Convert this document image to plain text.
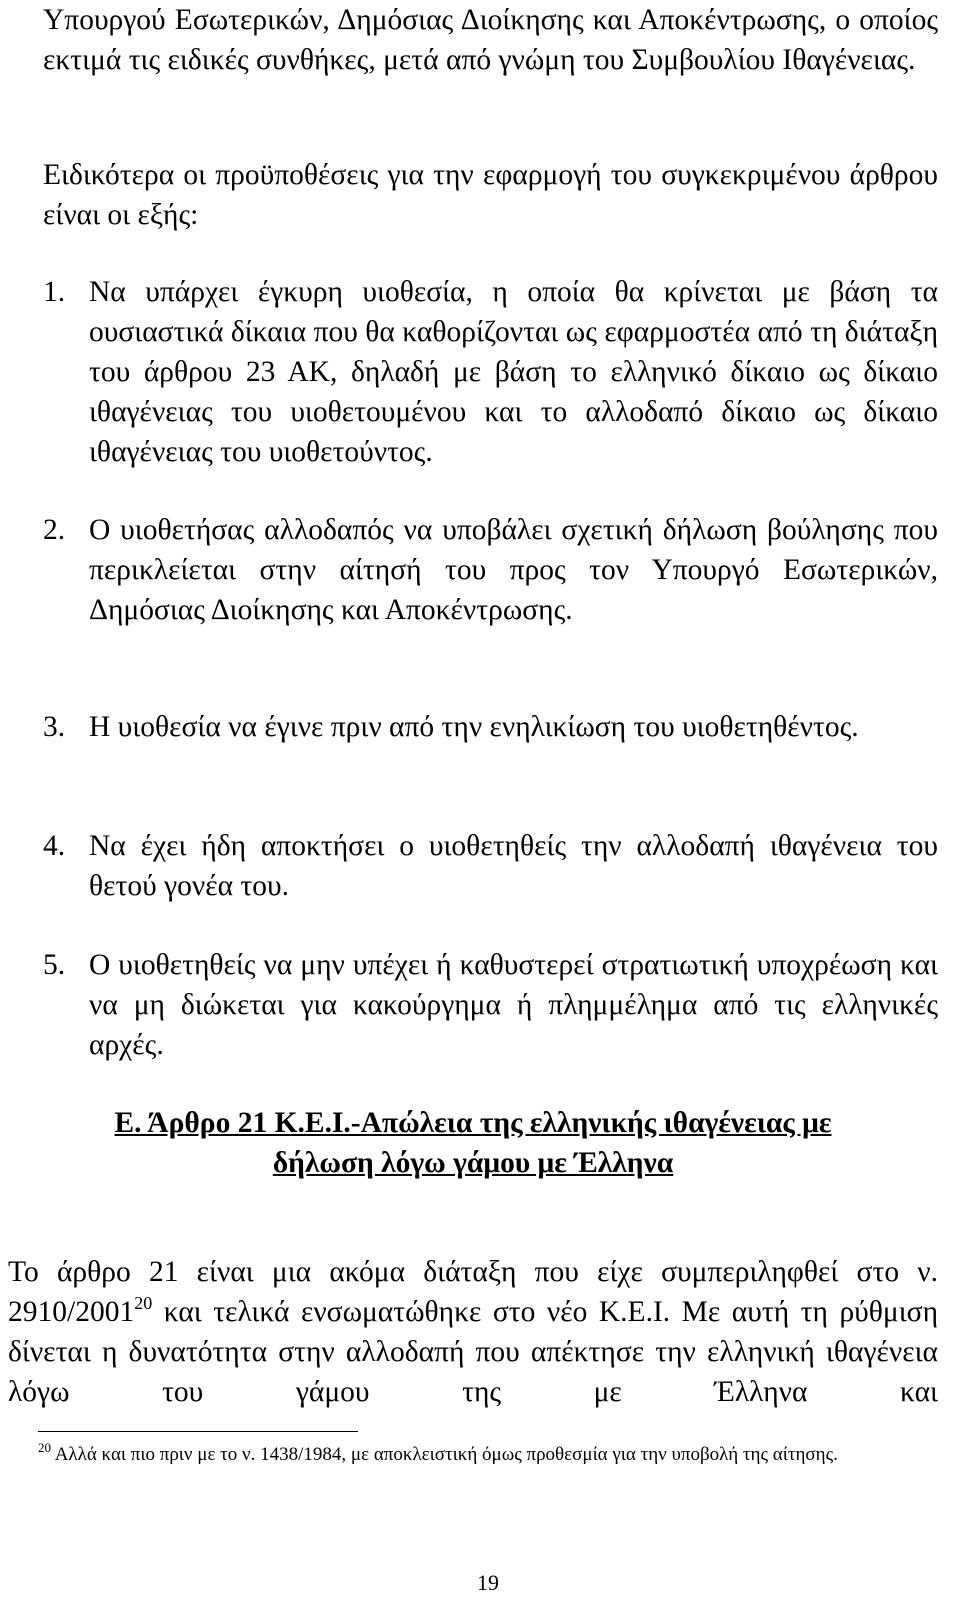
Υπουργού Εσωτερικών, Δημόσιας Διοίκησης και Αποκέντρωσης, ο οποίος εκτιμά τις ειδικές συνθήκες, μετά από γνώμη του Συμβουλίου Ιθαγένειας.

Ειδικότερα οι προϋποθέσεις για την εφαρμογή του συγκεκριμένου άρθρου είναι οι εξής:

1. Να υπάρχει έγκυρη υιοθεσία, η οποία θα κρίνεται με βάση τα ουσιαστικά δίκαια που θα καθορίζονται ως εφαρμοστέα από τη διάταξη του άρθρου 23 ΑΚ, δηλαδή με βάση το ελληνικό δίκαιο ως δίκαιο ιθαγένειας του υιοθετουμένου και το αλλοδαπό δίκαιο ως δίκαιο ιθαγένειας του υιοθετούντος.
2. Ο υιοθετήσας αλλοδαπός να υποβάλει σχετική δήλωση βούλησης που περικλείεται στην αίτησή του προς τον Υπουργό Εσωτερικών, Δημόσιας Διοίκησης και Αποκέντρωσης.
3. Η υιοθεσία να έγινε πριν από την ενηλικίωση του υιοθετηθέντος.
4. Να έχει ήδη αποκτήσει ο υιοθετηθείς την αλλοδαπή ιθαγένεια του θετού γονέα του.
5. Ο υιοθετηθείς να μην υπέχει ή καθυστερεί στρατιωτική υποχρέωση και να μη διώκεται για κακούργημα ή πλημμέλημα από τις ελληνικές αρχές.
Ε. Άρθρο 21 Κ.Ε.Ι.-Απώλεια της ελληνικής ιθαγένειας με
δήλωση λόγω γάμου με Έλληνα

Το άρθρο 21 είναι μια ακόμα διάταξη που είχε συμπεριληφθεί στο ν. 2910/2001$^{20}$ και τελικά ενσωματώθηκε στο νέο Κ.Ε.Ι. Με αυτή τη ρύθμιση δίνεται η δυνατότητα στην αλλοδαπή που απέκτησε την ελληνική ιθαγένεια λόγω του γάμου της με Έλληνα και

$^{20}$ Αλλά και πιο πριν με το ν. 1438/1984, με αποκλειστική όμως προθεσμία για την υποβολή της αίτησης.
19
